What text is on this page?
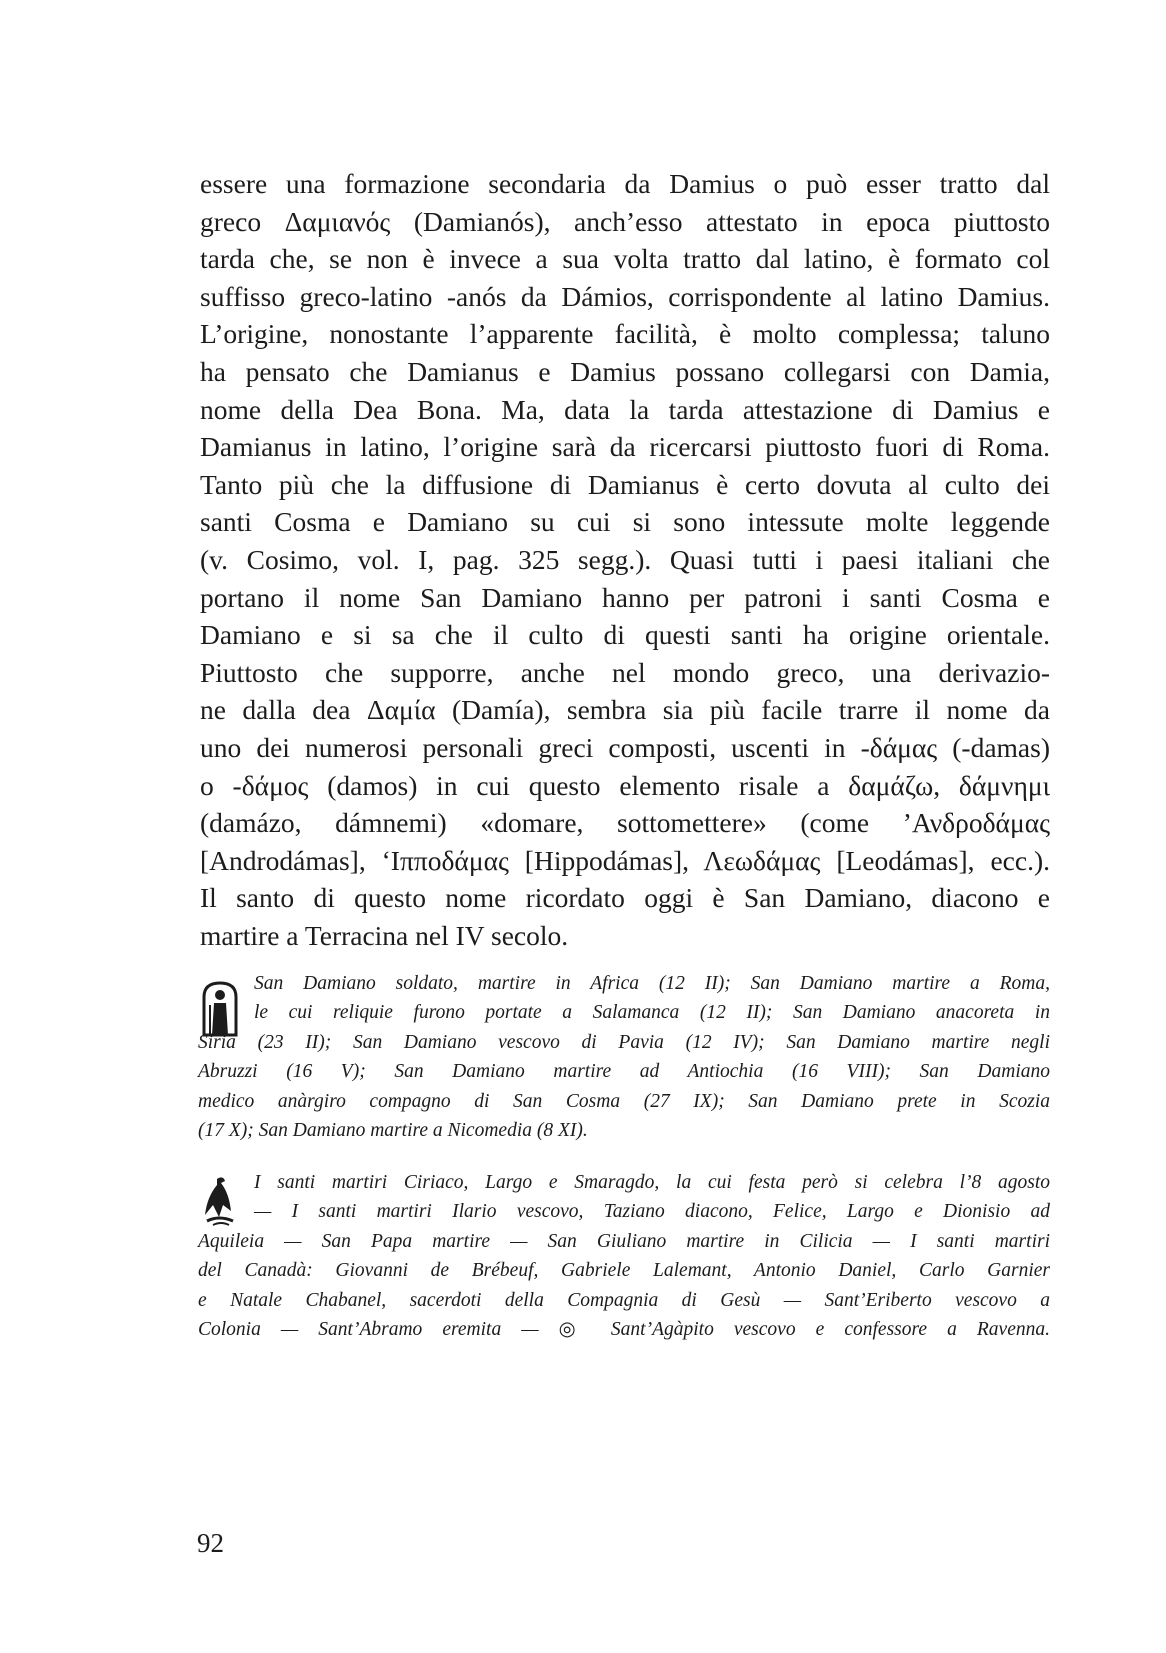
essere una formazione secondaria da Damius o può esser tratto dal
greco Δαμιανός (Damianós), anch’esso attestato in epoca piuttosto
tarda che, se non è invece a sua volta tratto dal latino, è formato col
suffisso greco-latino -anós da Dámios, corrispondente al latino Damius.
L’origine, nonostante l’apparente facilità, è molto complessa; taluno
ha pensato che Damianus e Damius possano collegarsi con Damia,
nome della Dea Bona. Ma, data la tarda attestazione di Damius e
Damianus in latino, l’origine sarà da ricercarsi piuttosto fuori di Roma.
Tanto più che la diffusione di Damianus è certo dovuta al culto dei
santi Cosma e Damiano su cui si sono intessute molte leggende
(v. Cosimo, vol. I, pag. 325 segg.). Quasi tutti i paesi italiani che
portano il nome San Damiano hanno per patroni i santi Cosma e
Damiano e si sa che il culto di questi santi ha origine orientale.
Piuttosto che supporre, anche nel mondo greco, una derivazio-
ne dalla dea Δαμία (Damía), sembra sia più facile trarre il nome da
uno dei numerosi personali greci composti, uscenti in -δάμας (-damas)
o -δάμος (damos) in cui questo elemento risale a δαμάζω, δάμνημι
(damázo, dámnemi) «domare, sottomettere» (come ’Ανδροδάμας
[Androdámas], ‘Ιπποδάμας [Hippodámas], Λεωδάμας [Leodámas], ecc.).
Il santo di questo nome ricordato oggi è San Damiano, diacono e
martire a Terracina nel IV secolo.
San Damiano soldato, martire in Africa (12 II); San Damiano martire a Roma,
le cui reliquie furono portate a Salamanca (12 II); San Damiano anacoreta in
Siria (23 II); San Damiano vescovo di Pavia (12 IV); San Damiano martire negli
Abruzzi (16 V); San Damiano martire ad Antiochia (16 VIII); San Damiano
medico anàrgiro compagno di San Cosma (27 IX); San Damiano prete in Scozia
(17 X); San Damiano martire a Nicomedia (8 XI).
I santi martiri Ciriaco, Largo e Smaragdo, la cui festa però si celebra l’8 agosto
— I santi martiri Ilario vescovo, Taziano diacono, Felice, Largo e Dionisio ad
Aquileia — San Papa martire — San Giuliano martire in Cilicia — I santi martiri
del Canadà: Giovanni de Brébeuf, Gabriele Lalemant, Antonio Daniel, Carlo Garnier
e Natale Chabanel, sacerdoti della Compagnia di Gesù — Sant’Eriberto vescovo a
Colonia — Sant’Abramo eremita — ◎ Sant’Agàpito vescovo e confessore a Ravenna.
92
